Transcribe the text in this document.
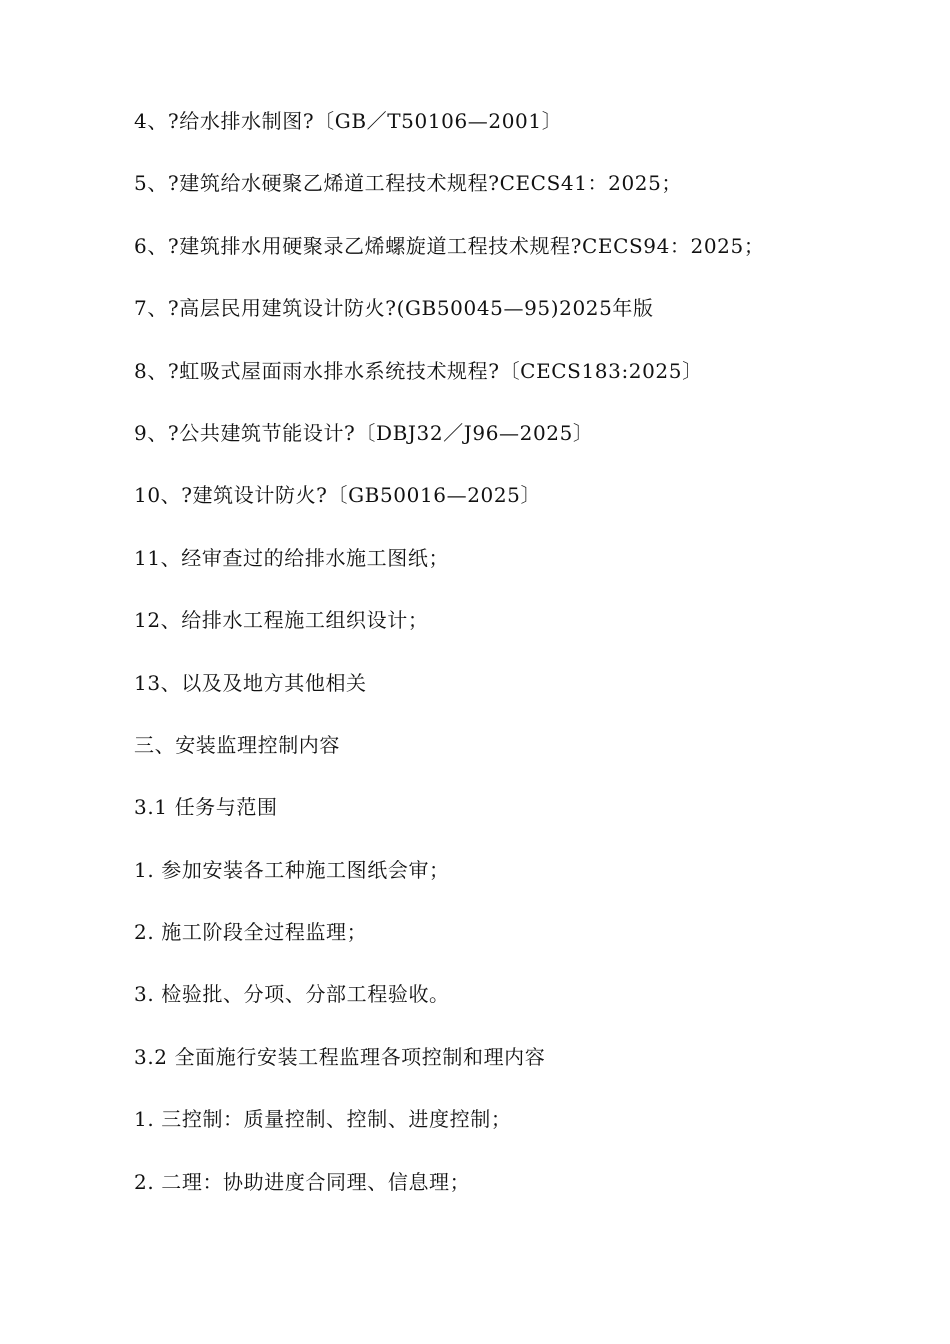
4、?给水排水制图?〔GB／T50106—2001〕
5、?建筑给水硬聚乙烯道工程技术规程?CECS41：2025；
6、?建筑排水用硬聚录乙烯螺旋道工程技术规程?CECS94：2025；
7、?高层民用建筑设计防火?(GB50045—95)2025年版
8、?虹吸式屋面雨水排水系统技术规程?〔CECS183:2025〕
9、?公共建筑节能设计?〔DBJ32／J96—2025〕
10、?建筑设计防火?〔GB50016—2025〕
11、经审查过的给排水施工图纸；
12、给排水工程施工组织设计；
13、以及及地方其他相关
三、安装监理控制内容
3.1 任务与范围
1. 参加安装各工种施工图纸会审；
2. 施工阶段全过程监理；
3. 检验批、分项、分部工程验收。
3.2 全面施行安装工程监理各项控制和理内容
1. 三控制：质量控制、控制、进度控制；
2. 二理：协助进度合同理、信息理；
